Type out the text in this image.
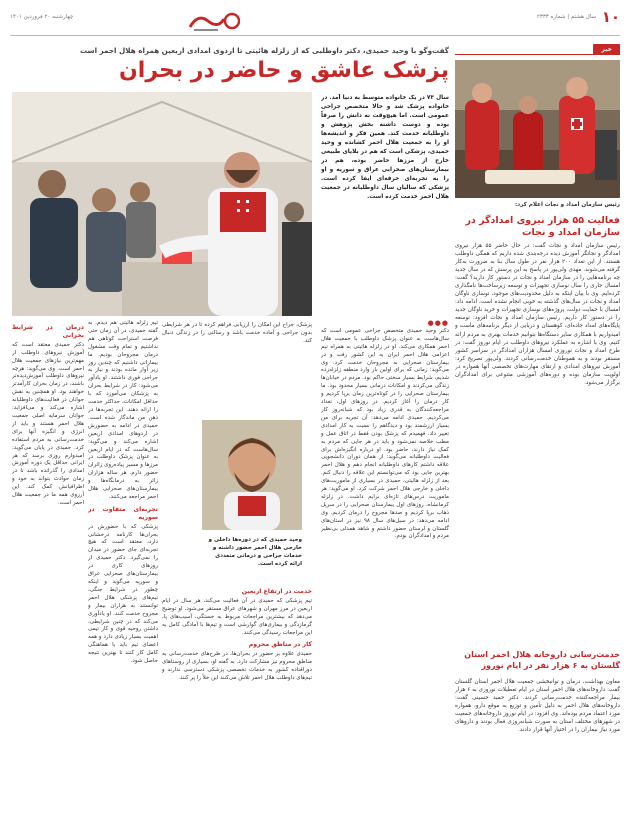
۱۰
سال هشتم | شماره ۲۳۳۳
چهارشنبه ۲۰ فروردین ۱۴۰۱
خبر
رئیس سازمان امداد و نجات اعلام کرد:
فعالیت ۵۵ هزار نیروی امدادگر در سازمان امداد و نجات
رئیس سازمان امداد و نجات گفت: در حال حاضر ۵۵ هزار نیروی امدادگر و نجاتگر آموزش دیده درجه‌بندی شده داریم که همگی داوطلب هستند. از این تعداد ۲۰۰ هزار نفر در طول سال بنا به ضرورت به‌کار گرفته می‌شوند. مهدی ولی‌پور در پاسخ به این پرسش که در سال جدید چه برنامه‌هایی را در سازمان امداد و نجات در دستور کار دارید؟ گفت: امسال جاری را سال نوسازی تجهیزات و توسعه زیرساخت‌ها نامگذاری کرده‌ایم. وی با بیان اینکه به دلیل محدودیت‌های موجود، نوسازی ناوگان امداد و نجات در سال‌های گذشته به خوبی انجام نشده است، ادامه داد: امسال با حمایت دولت، پروژه‌های نوسازی تجهیزات و خرید ناوگان جدید را در دستور کار داریم. رئیس سازمان امداد و نجات افزود: توسعه پایگاه‌های امداد جاده‌ای، کوهستان و دریایی از دیگر برنامه‌های ماست و امیدواریم با همکاری سایر دستگاه‌ها بتوانیم خدمات بهتری به مردم ارائه کنیم. وی با اشاره به عملکرد نیروهای داوطلب در ایام نوروز گفت: در طرح امداد و نجات نوروزی امسال هزاران امدادگر در سراسر کشور مستقر بودند و به هموطنان خدمت‌رسانی کردند. ولی‌پور تصریح کرد: آموزش نیروهای امدادی و ارتقای مهارت‌های تخصصی آنها همواره در اولویت سازمان بوده و دوره‌های آموزشی متنوعی برای امدادگران برگزار می‌شود.
خدمت‌رسانی داروخانه هلال احمر استان گلستان به ۶ هزار نفر در ایام نوروز
معاون بهداشت، درمان و توانبخشی جمعیت هلال احمر استان گلستان گفت: داروخانه‌های هلال احمر استان در ایام تعطیلات نوروزی به ۶ هزار بیمار مراجعه‌کننده خدمت‌رسانی کردند. دکتر حمید حسینی گفت: داروخانه‌های هلال احمر به دلیل تأمین و توزیع به موقع دارو، همواره مورد اعتماد مردم بوده‌اند. وی افزود: در ایام نوروز داروخانه‌های جمعیت در شهرهای مختلف استان به صورت شبانه‌روزی فعال بودند و داروهای مورد نیاز بیماران را در اختیار آنها قرار دادند.
گفت‌وگو با وحید حمیدی، دکتر داوطلبی که از زلزله هائیتی تا اردوی امدادی اربعین همراه هلال احمر است
پزشک عاشق و حاضر در بحران
سال ۷۳ در یک خانواده متوسط به دنیا آمد. در خانواده پزشک شد و حالا متخصص جراحی عمومی است. اما هیچ‌وقت نه دانش را صرفاً بوده و دوست داشته بخش پژوهش و داوطلبانه خدمت کند. همین فکر و اندیشه‌ها او را به جمعیت هلال احمر کشانده و وحید حمیدی، پزشکی است که هم در بلایای طبیعی خارج از مرزها حاضر بوده، هم در بیمارستان‌های صحرایی عراق و سوریه و او را به تجربه‌ای حرفه‌ای ایفا کرده است. پزشکی که سالیان سال داوطلبانه در جمعیت هلال احمر خدمت کرده است.
●●●
دکتر وحید حمیدی متخصص جراحی عمومی است که سال‌هاست به عنوان پزشک داوطلب با جمعیت هلال احمر همکاری می‌کند. او در زلزله هائیتی به همراه تیم اعزامی هلال احمر ایران به این کشور رفت و در بیمارستان صحرایی به مجروحان خدمت کرد. وی می‌گوید: زمانی که برای اولین بار وارد منطقه زلزله‌زده شدیم، شرایط بسیار سختی حاکم بود. مردم در خیابان‌ها زندگی می‌کردند و امکانات درمانی بسیار محدود بود. ما بیمارستان صحرایی را در کوتاه‌ترین زمان برپا کردیم و کار درمان را آغاز کردیم. در روزهای اول، تعداد مراجعه‌کنندگان به قدری زیاد بود که شبانه‌روز کار می‌کردیم. حمیدی ادامه می‌دهد: آن تجربه برای من بسیار ارزشمند بود و دیدگاهم را نسبت به کار امدادی تغییر داد. فهمیدم که پزشک بودن فقط در اتاق عمل و مطب خلاصه نمی‌شود و باید در هر جایی که مردم به کمک نیاز دارند، حاضر بود. او درباره انگیزه‌اش برای فعالیت داوطلبانه می‌گوید: از همان دوران دانشجویی علاقه داشتم کارهای داوطلبانه انجام دهم و هلال احمر بهترین جایی بود که می‌توانستم این علاقه را دنبال کنم. بعد از زلزله هائیتی، حمیدی در بسیاری از ماموریت‌های داخلی و خارجی هلال احمر شرکت کرد. او می‌گوید: هر ماموریت درس‌های تازه‌ای برایم داشت. در زلزله کرمانشاه، روزهای اول بیمارستان صحرایی را در سرپل ذهاب برپا کردیم و صدها مجروح را درمان کردیم. وی ادامه می‌دهد: در سیل‌های سال ۹۸ نیز در استان‌های گلستان و لرستان حضور داشتم و شاهد همدلی بی‌نظیر مردم و امدادگران بودم.
پزشک، جراح این امکان را ارزیابی فراهم کرده تا در هر شرایطی بدون جراحی و آماده خدمت باشد و رسالتی را در زندگی دنبال کند.
وحید حمیدی که در دوره‌ها داخلی و خارجی هلال احمر حضور داشته و خدمات جراحی و درمانی متعددی ارائه کرده است.
خدمت در ارتفاع اربعین
تیم پزشکی که حمیدی در آن فعالیت می‌کند، هر سال در ایام اربعین در مرز مهران و شهرهای عراق مستقر می‌شود. او توضیح می‌دهد که بیشترین مراجعات مربوط به خستگی، آسیب‌های پا، گرمازدگی و بیماری‌های گوارشی است و تیم‌ها با آمادگی کامل به این مراجعات رسیدگی می‌کنند.
کار در مناطق محروم
حمیدی علاوه بر حضور در بحران‌ها، در طرح‌های خدمت‌رسانی به مناطق محروم نیز مشارکت دارد. به گفته او، بسیاری از روستاهای دورافتاده کشور به خدمات تخصصی پزشکی دسترسی ندارند و تیم‌های داوطلب هلال احمر تلاش می‌کنند این خلأ را پر کنند.
تیم زلزله هائیتی هم دیدم. به گفته حمیدی، در آن زمان حتی فرصت استراحت کوتاهی هم نداشتیم و تمام وقت مشغول درمان مجروحان بودیم. ما بیمارانی داشتیم که چندین روز زیر آوار مانده بودند و نیاز به جراحی فوری داشتند. او یادآور می‌شود: کار در شرایط بحران به پزشکان می‌آموزد که با حداقل امکانات، حداکثر خدمت را ارائه دهند. این تجربه‌ها در ذهن من ماندگار شده است. حمیدی در ادامه به حضورش در اردوهای امدادی اربعین اشاره می‌کند و می‌گوید: سال‌هاست که در ایام اربعین به عنوان پزشک داوطلب در مرزها و مسیر پیاده‌روی زائران حضور دارم. هر ساله هزاران زائر به درمانگاه‌ها و بیمارستان‌های صحرایی هلال احمر مراجعه می‌کنند.
تجربه‌ای متفاوت در سوریه
پزشکی که با حضورش در بحران‌ها کارنامه درخشانی دارد، معتقد است که هیچ تجربه‌ای جای حضور در میدان را نمی‌گیرد. دکتر حمیدی از روزهای کاری در بیمارستان‌های صحرایی عراق و سوریه می‌گوید و اینکه چطور در شرایط جنگی، تیم‌های پزشکی هلال احمر توانستند به هزاران بیمار و مجروح خدمت کنند. او یادآوری می‌کند که در چنین شرایطی، داشتن روحیه قوی و کار تیمی اهمیت بسیار زیادی دارد و همه اعضای تیم باید با هماهنگی کامل کار کنند تا بهترین نتیجه حاصل شود.
درمان در شرایط بحرانی
دکتر حمیدی معتقد است که آموزش نیروهای داوطلب از مهم‌ترین نیازهای جمعیت هلال احمر است. وی می‌گوید: هرچه نیروهای داوطلب آموزش‌دیده‌تر باشند، در زمان بحران کارآمدتر خواهند بود. او همچنین به نقش جوانان در فعالیت‌های داوطلبانه اشاره می‌کند و می‌افزاید: جوانان سرمایه اصلی جمعیت هلال احمر هستند و باید از انرژی و انگیزه آنها برای خدمت‌رسانی به مردم استفاده کرد. حمیدی در پایان می‌گوید: امیدوارم روزی برسد که هر ایرانی حداقل یک دوره آموزش امدادی را گذرانده باشد تا در زمان حوادث بتواند به خود و اطرافیانش کمک کند. این آرزوی همه ما در جمعیت هلال احمر است.
